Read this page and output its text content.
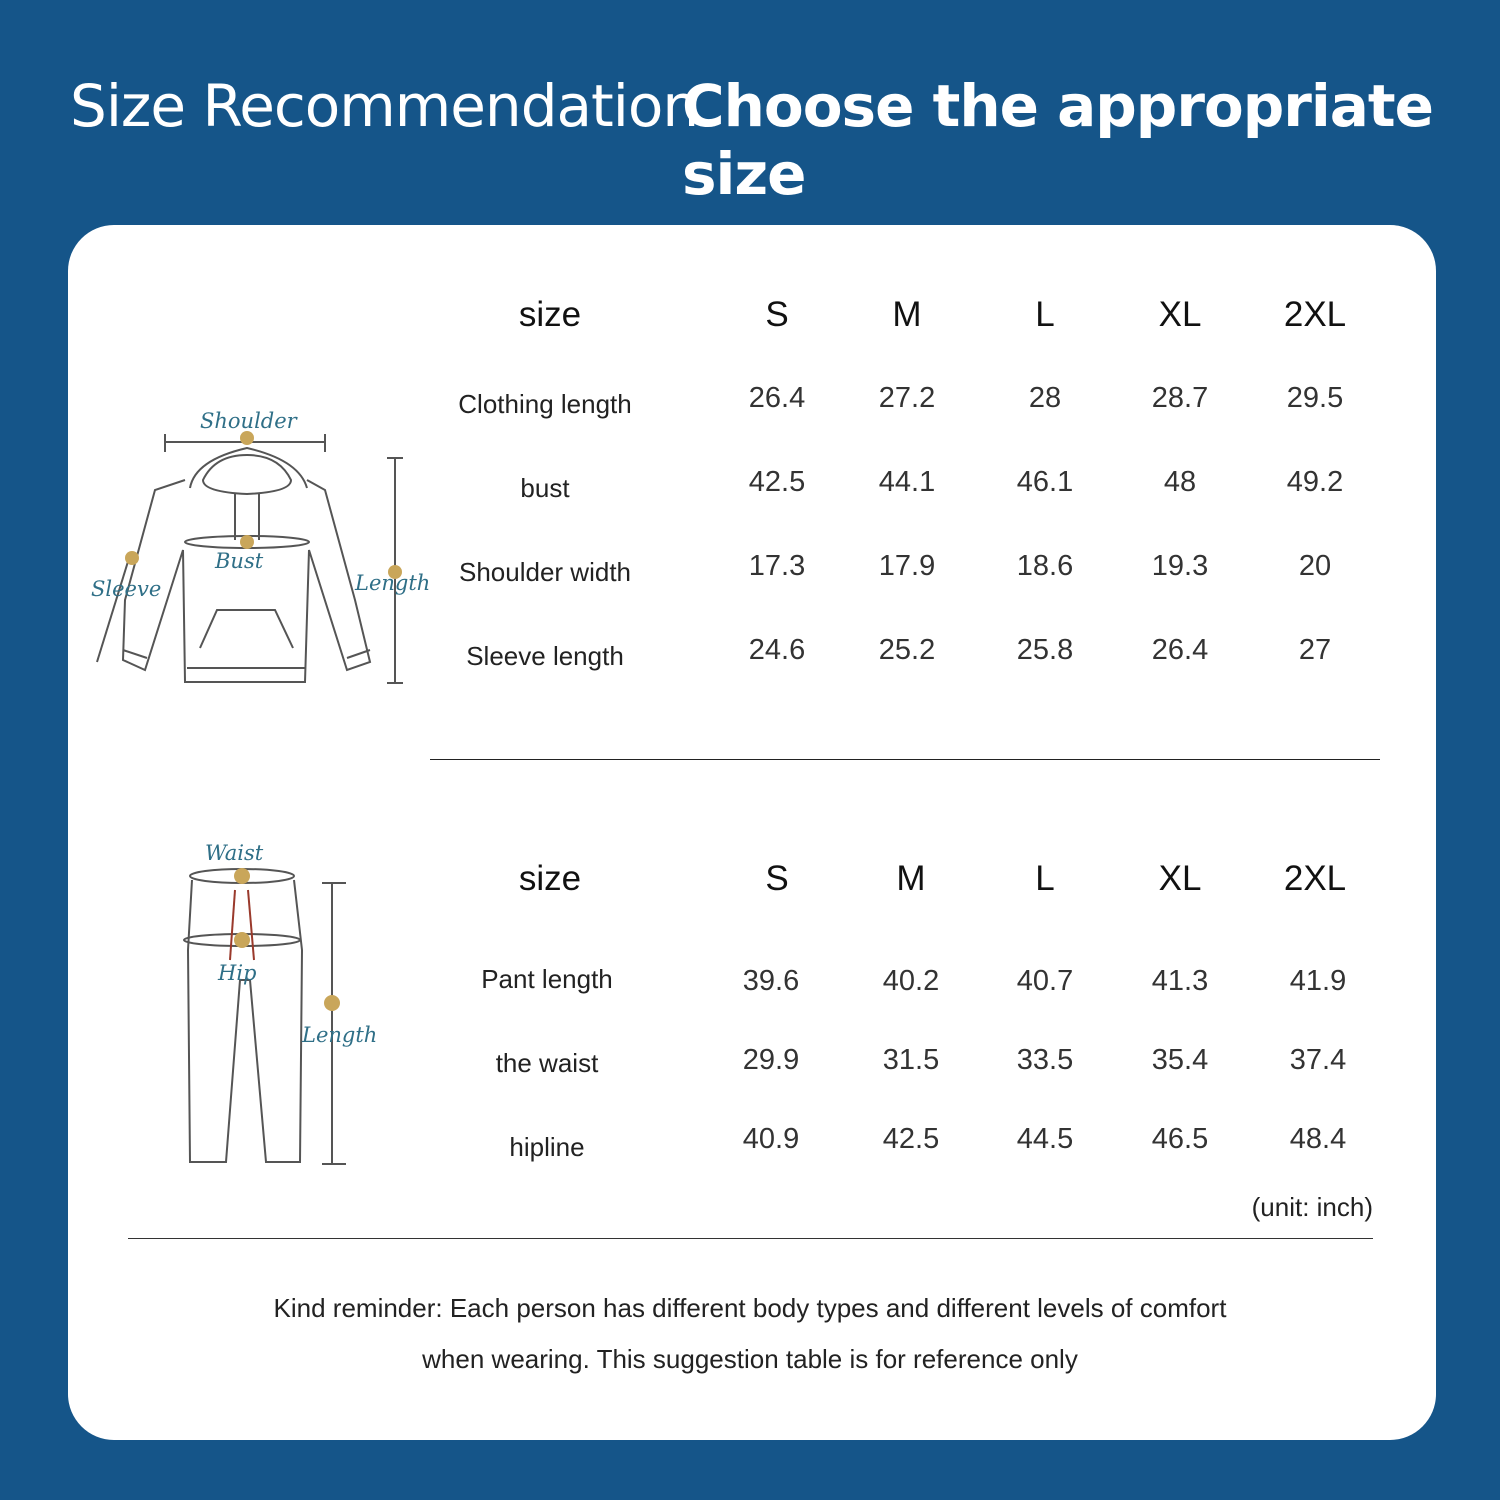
Size Recommendation
Choose the appropriate size
Shoulder
Bust
Sleeve	Length
Waist
Hip
Length
size	S	M	L	XL	2XL
Clothing length	26.4	27.2	28	28.7	29.5
bust	42.5	44.1	46.1	48	49.2
Shoulder width	17.3	17.9	18.6	19.3	20
Sleeve length	24.6	25.2	25.8	26.4	27
size	S	M	L	XL	2XL
Pant length	39.6	40.2	40.7	41.3	41.9
the waist	29.9	31.5	33.5	35.4	37.4
hipline	40.9	42.5	44.5	46.5	48.4
(unit: inch)
Kind reminder: Each person has different body types and different levels of comfort
when wearing. This suggestion table is for reference only
